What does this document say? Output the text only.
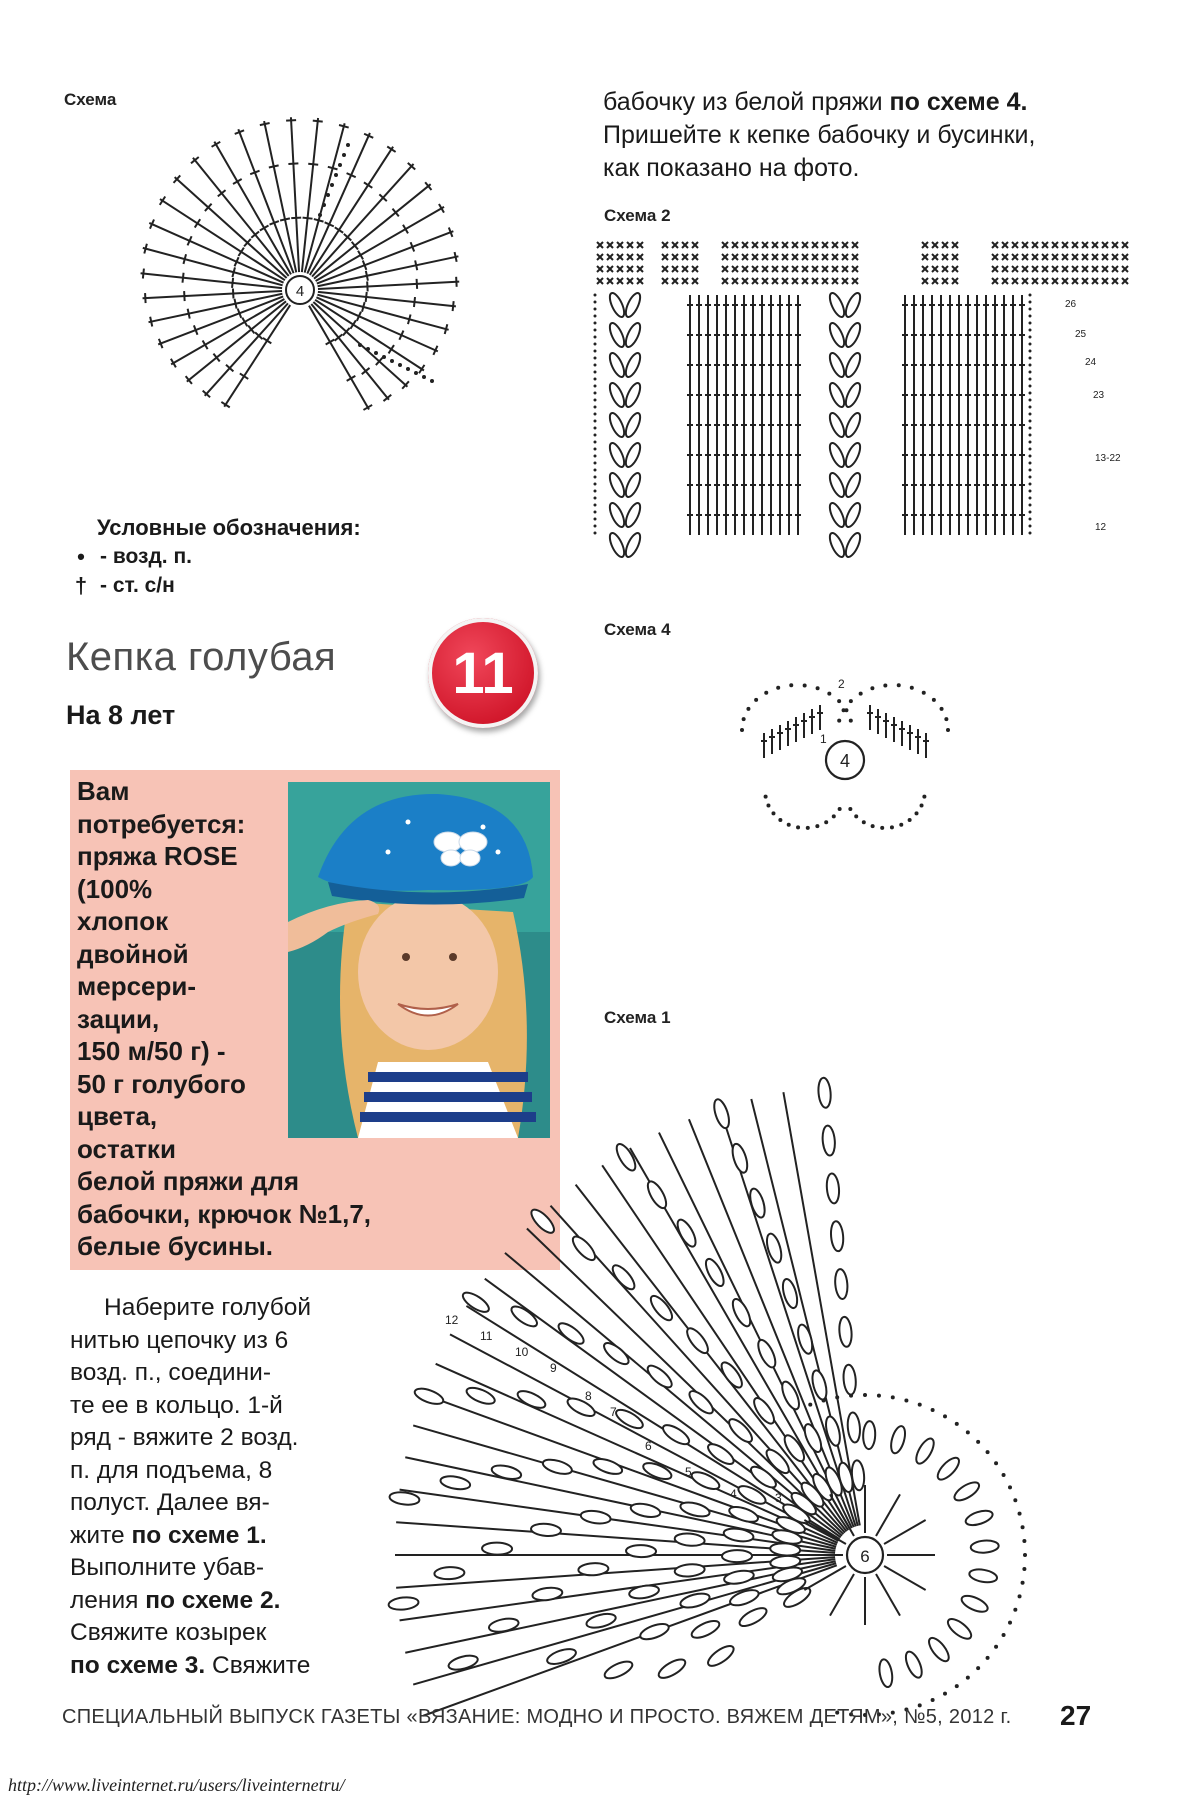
Схема
4
бабочку из белой пряжи по схеме 4.
Пришейте к кепке бабочку и бусинки,
как показано на фото.
Схема 2
26
25
24
23
13-22
12
Условные обозначения:
• - возд. п.
† - ст. с/н
Кепка голубая
На 8 лет
11
Схема 4
4
2
1
Вам
потребуется:
пряжа ROSE
(100%
хлопок
двойной
мерсери-
зации,
150 м/50 г) -
50 г голубого
цвета,
остатки
белой пряжи для
бабочки, крючок №1,7,
белые бусины.
Наберите голубой
нитью цепочку из 6
возд. п., соедини-
те ее в кольцо. 1-й
ряд - вяжите 2 возд.
п. для подъема, 8
полуст. Далее вя-
жите по схеме 1.
Выполните убав-
ления по схеме 2.
Свяжите козырек
по схеме 3. Свяжите
Схема 1
6
12
11
10
9
8
7
6
5
4	3
СПЕЦИАЛЬНЫЙ ВЫПУСК ГАЗЕТЫ «ВЯЗАНИЕ: МОДНО И ПРОСТО. ВЯЖЕМ ДЕТЯМ», №5, 2012 г. 27
http://www.liveinternet.ru/users/liveinternetru/
